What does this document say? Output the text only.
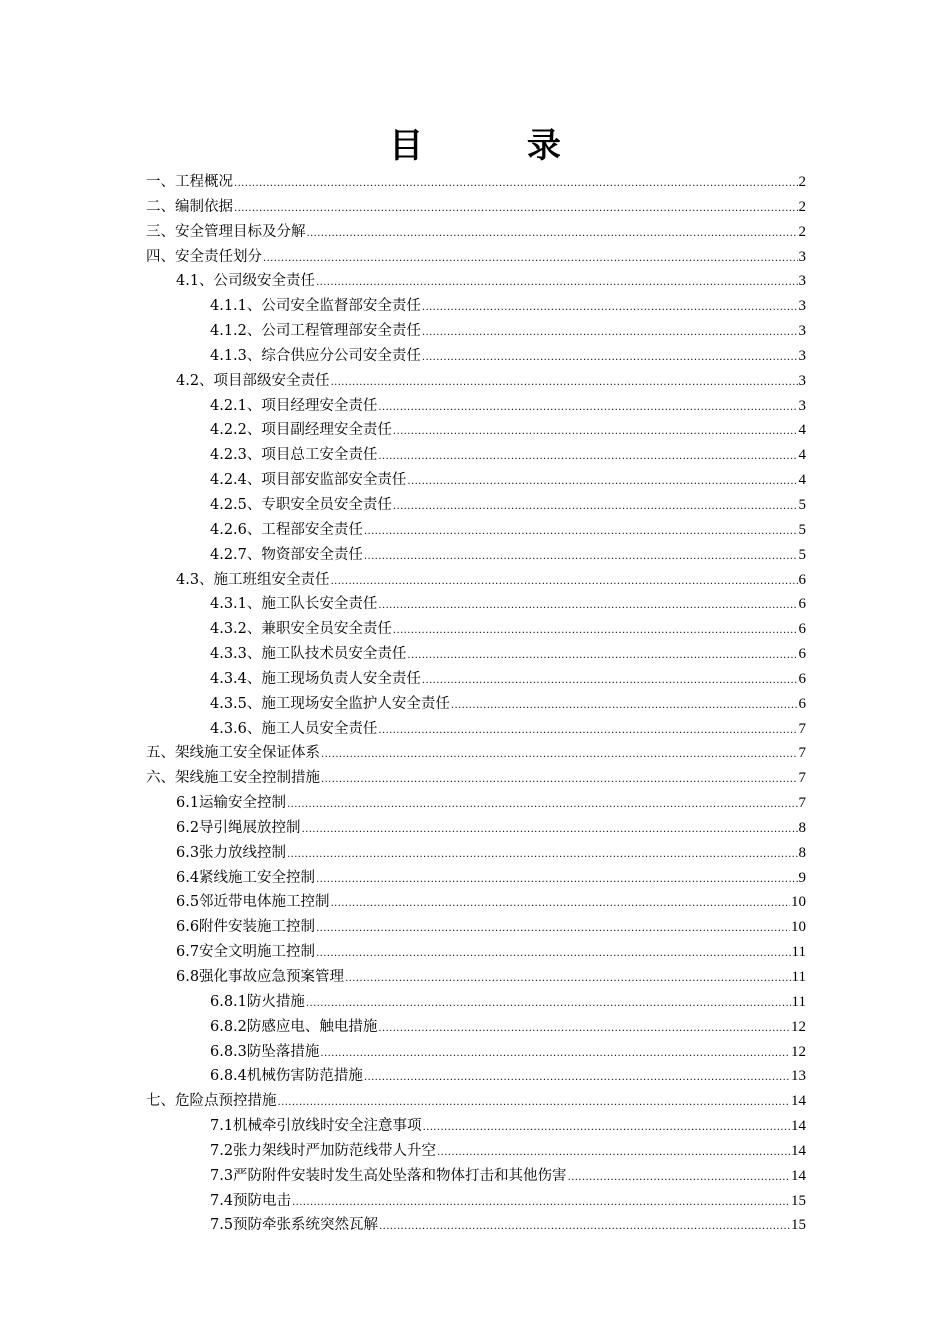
目 录
一、工程概况 .....	2
二、编制依据 .....	2
三、安全管理目标及分解 .....	2
四、安全责任划分 .....	3
4.1、公司级安全责任 .....	3
4.1.1、公司安全监督部安全责任 .....	3
4.1.2、公司工程管理部安全责任 .....	3
4.1.3、综合供应分公司安全责任 .....	3
4.2、项目部级安全责任 .....	3
4.2.1、项目经理安全责任 .....	3
4.2.2、项目副经理安全责任 .....	4
4.2.3、项目总工安全责任 .....	4
4.2.4、项目部安监部安全责任 .....	4
4.2.5、专职安全员安全责任 .....	5
4.2.6、工程部安全责任 .....	5
4.2.7、物资部安全责任 .....	5
4.3、施工班组安全责任 .....	6
4.3.1、施工队长安全责任 .....	6
4.3.2、兼职安全员安全责任 .....	6
4.3.3、施工队技术员安全责任 .....	6
4.3.4、施工现场负责人安全责任 .....	6
4.3.5、施工现场安全监护人安全责任 .....	6
4.3.6、施工人员安全责任 .....	7
五、架线施工安全保证体系 .....	7
六、架线施工安全控制措施 .....	7
6.1运输安全控制 .....	7
6.2导引绳展放控制 .....	8
6.3张力放线控制 .....	8
6.4紧线施工安全控制 .....	9
6.5邻近带电体施工控制 .....	10
6.6附件安装施工控制 .....	10
6.7安全文明施工控制 .....	11
6.8强化事故应急预案管理 .....	11
6.8.1防火措施 .....	11
6.8.2防感应电、触电措施 .....	12
6.8.3防坠落措施 .....	12
6.8.4机械伤害防范措施 .....	13
七、危险点预控措施 .....	14
7.1机械牵引放线时安全注意事项 .....	14
7.2张力架线时严加防范线带人升空 .....	14
7.3严防附件安装时发生高处坠落和物体打击和其他伤害 .....	14
7.4预防电击 .....	15
7.5预防牵张系统突然瓦解 .....	15
